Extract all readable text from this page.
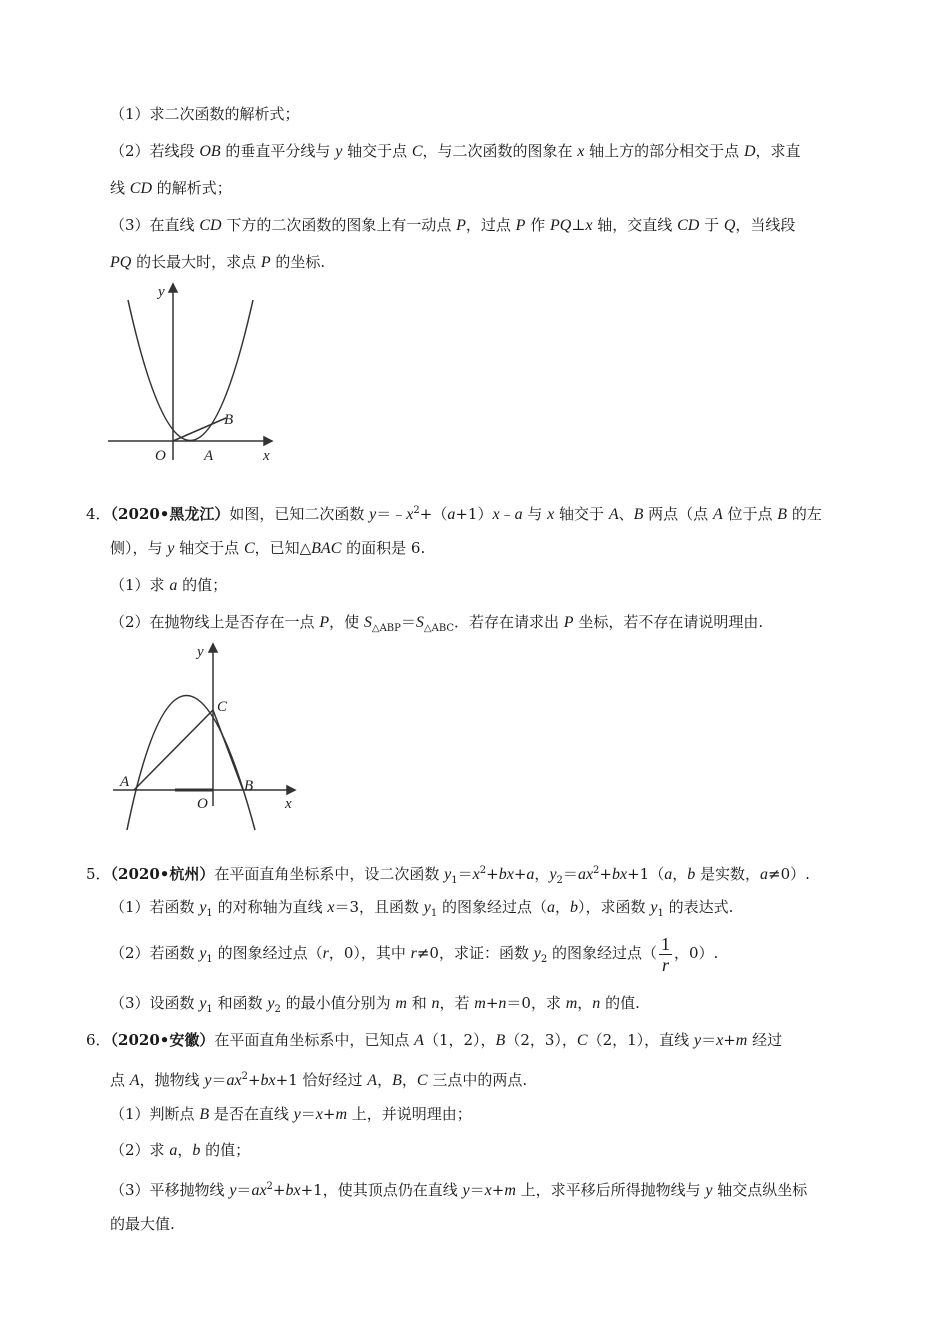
（1）求二次函数的解析式；
（2）若线段 OB 的垂直平分线与 y 轴交于点 C，与二次函数的图象在 x 轴上方的部分相交于点 D，求直
线 CD 的解析式；
（3）在直线 CD 下方的二次函数的图象上有一动点 P，过点 P 作 PQ⊥x 轴，交直线 CD 于 Q，当线段
PQ 的长最大时，求点 P 的坐标.
y
x
O	A
B
4．（2020•黑龙江）如图，已知二次函数 $y=﹣x^2+(a+1)x﹣a$ 与 x 轴交于 A、B 两点（点 A 位于点 B 的左
侧），与 y 轴交于点 C，已知△BAC 的面积是 6.
（1）求 a 的值；
（2）在抛物线上是否存在一点 P，使 $S_{\triangle ABP}=S_{\triangle ABC}$．若存在请求出 P 坐标，若不存在请说明理由.
y
x
O
A	B
C
5．（2020•杭州）在平面直角坐标系中，设二次函数 $y_1=x^2+bx+a$，$y_2=ax^2+bx+1(a$，b 是实数，a≠0）.
（1）若函数 $y_1$ 的对称轴为直线 x＝3，且函数 $y_1$ 的图象经过点（a，b），求函数 $y_1$ 的表达式.
（2）若函数 $y_1$ 的图象经过点（r，0），其中 r≠0，求证：函数 $y_2$ 的图象经过点（ $\frac{1}{r}$ ，0）.
（3）设函数 $y_1$ 和函数 $y_2$ 的最小值分别为 m 和 n，若 m+n＝0，求 m，n 的值.
6．（2020•安徽）在平面直角坐标系中，已知点 A（1，2），B（2，3），C（2，1），直线 y＝x+m 经过
点 A，抛物线 $y=ax^2+bx+1$ 恰好经过 A，B，C 三点中的两点.
（1）判断点 B 是否在直线 y＝x+m 上，并说明理由；
（2）求 a，b 的值；
（3）平移抛物线 $y=ax^2+bx+1$，使其顶点仍在直线 y＝x+m 上，求平移后所得抛物线与 y 轴交点纵坐标
的最大值.
